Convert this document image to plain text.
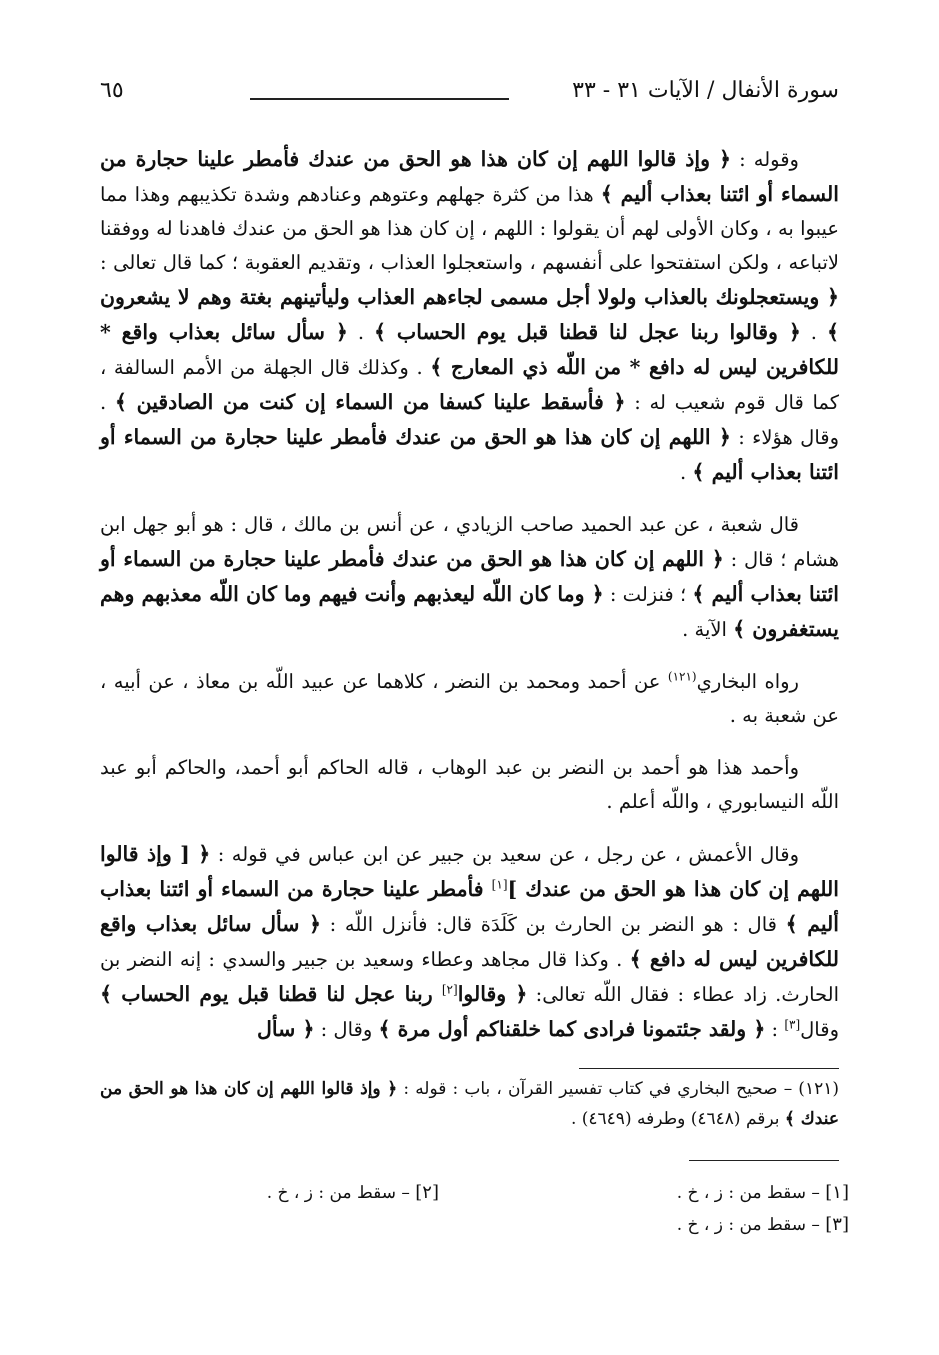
سورة الأنفال / الآيات ٣١ - ٣٣
٦٥

وقوله : ﴿ وإذ قالوا اللهم إن كان هذا هو الحق من عندك فأمطر علينا حجارة من السماء أو ائتنا بعذاب أليم ﴾ هذا من كثرة جهلهم وعتوهم وعنادهم وشدة تكذيبهم وهذا مما عيبوا به ، وكان الأولى لهم أن يقولوا : اللهم ، إن كان هذا هو الحق من عندك فاهدنا له ووفقنا لاتباعه ، ولكن استفتحوا على أنفسهم ، واستعجلوا العذاب ، وتقديم العقوبة ؛ كما قال تعالى : ﴿ ويستعجلونك بالعذاب ولولا أجل مسمى لجاءهم العذاب وليأتينهم بغتة وهم لا يشعرون ﴾ . ﴿ وقالوا ربنا عجل لنا قطنا قبل يوم الحساب ﴾ . ﴿ سأل سائل بعذاب واقع * للكافرين ليس له دافع * من اللّه ذي المعارج ﴾ . وكذلك قال الجهلة من الأمم السالفة ، كما قال قوم شعيب له : ﴿ فأسقط علينا كسفا من السماء إن كنت من الصادقين ﴾ . وقال هؤلاء : ﴿ اللهم إن كان هذا هو الحق من عندك فأمطر علينا حجارة من السماء أو ائتنا بعذاب أليم ﴾ .

قال شعبة ، عن عبد الحميد صاحب الزيادي ، عن أنس بن مالك ، قال : هو أبو جهل ابن هشام ؛ قال : ﴿ اللهم إن كان هذا هو الحق من عندك فأمطر علينا حجارة من السماء أو ائتنا بعذاب أليم ﴾ ؛ فنزلت : ﴿ وما كان اللّه ليعذبهم وأنت فيهم وما كان اللّه معذبهم وهم يستغفرون ﴾ الآية .

رواه البخاري$^{(١٢١)}$ عن أحمد ومحمد بن النضر ، كلاهما عن عبيد اللّه بن معاذ ، عن أبيه ، عن شعبة به .

وأحمد هذا هو أحمد بن النضر بن عبد الوهاب ، قاله الحاكم أبو أحمد، والحاكم أبو عبد اللّه النيسابوري ، واللّه أعلم .

وقال الأعمش ، عن رجل ، عن سعيد بن جبير عن ابن عباس في قوله : ﴿ [ وإذ قالوا اللهم إن كان هذا هو الحق من عندك ][١] فأمطر علينا حجارة من السماء أو ائتنا بعذاب أليم ﴾ قال : هو النضر بن الحارث بن كَلَدَة قال: فأنزل اللّه : ﴿ سأل سائل بعذاب واقع للكافرين ليس له دافع ﴾ . وكذا قال مجاهد وعطاء وسعيد بن جبير والسدي : إنه النضر بن الحارث. زاد عطاء : فقال اللّه تعالى: ﴿ وقالوا[٢] ربنا عجل لنا قطنا قبل يوم الحساب ﴾ وقال[٣] : ﴿ ولقد جئتمونا فرادى كما خلقناكم أول مرة ﴾ وقال : ﴿ سأل

(١٢١) – صحيح البخاري في كتاب تفسير القرآن ، باب : قوله : ﴿ وإذ قالوا اللهم إن كان هذا هو الحق من عندك ﴾ برقم (٤٦٤٨) وطرفه (٤٦٤٩) .
[١] – سقط من : ز ، خ .
[٢] – سقط من : ز ، خ .
[٣] – سقط من : ز ، خ .
